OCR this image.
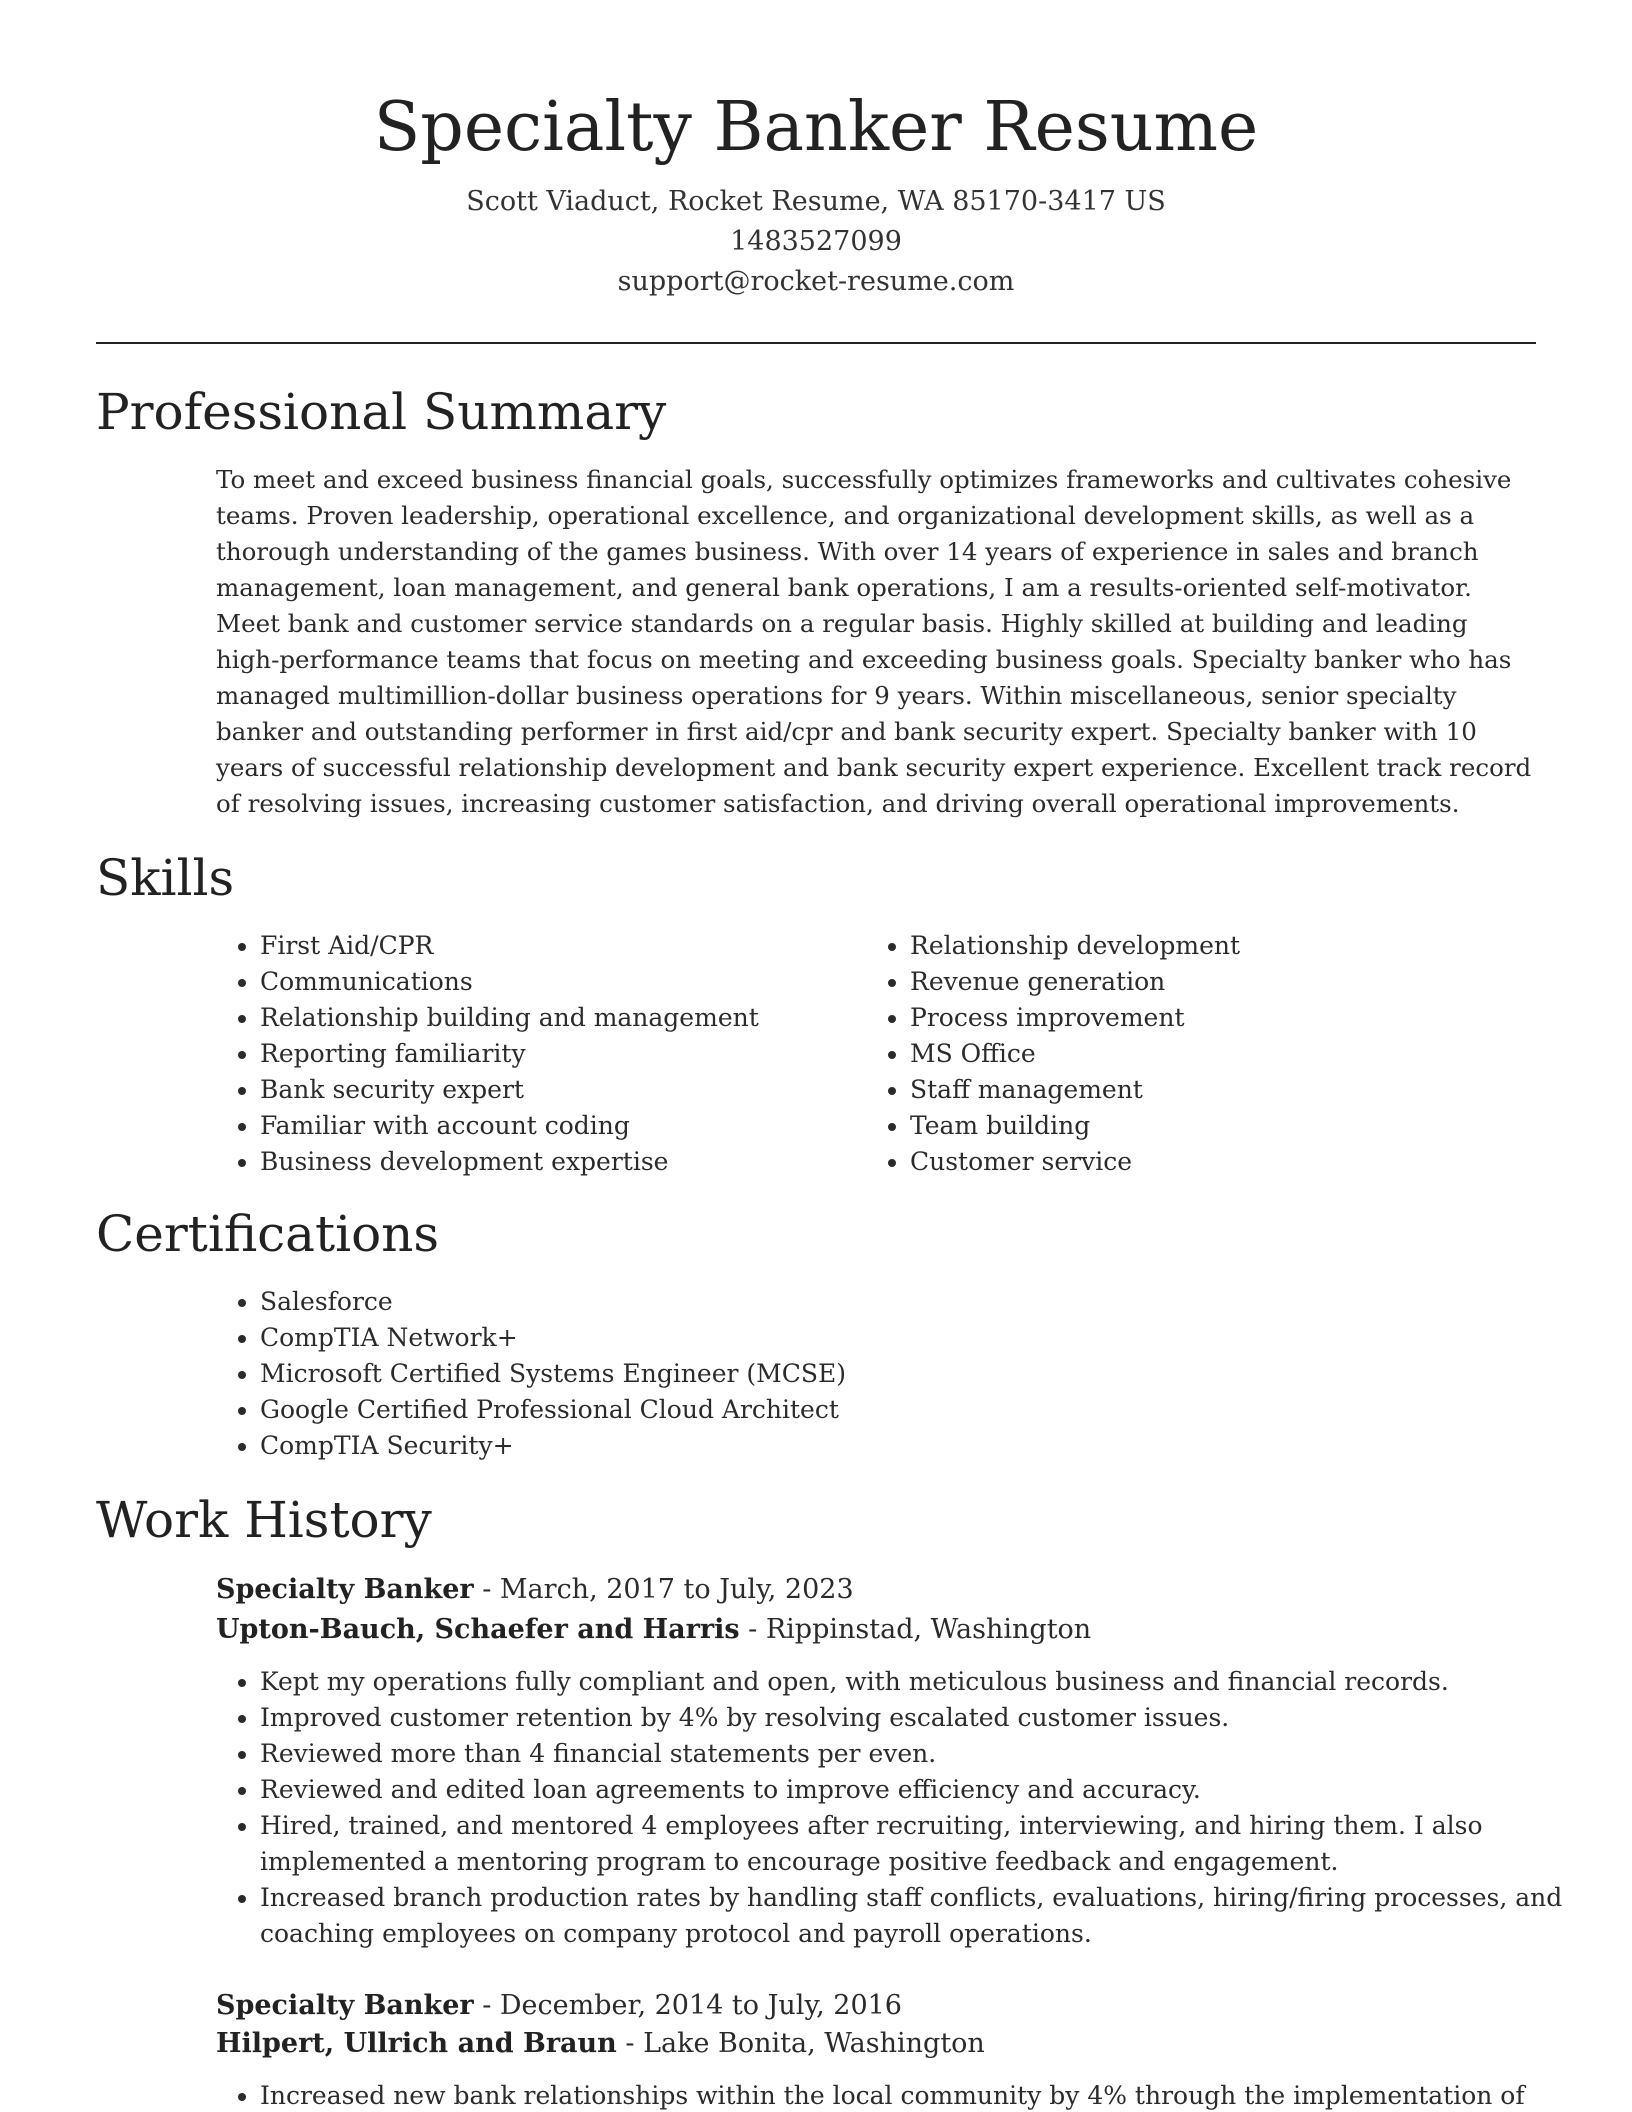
Specialty Banker Resume
Scott Viaduct, Rocket Resume, WA 85170-3417 US
1483527099
support@rocket-resume.com
Professional Summary

To meet and exceed business financial goals, successfully optimizes frameworks and cultivates cohesive teams. Proven leadership, operational excellence, and organizational development skills, as well as a thorough understanding of the games business. With over 14 years of experience in sales and branch management, loan management, and general bank operations, I am a results-oriented self-motivator. Meet bank and customer service standards on a regular basis. Highly skilled at building and leading high-performance teams that focus on meeting and exceeding business goals. Specialty banker who has managed multimillion-dollar business operations for 9 years. Within miscellaneous, senior specialty banker and outstanding performer in first aid/cpr and bank security expert. Specialty banker with 10 years of successful relationship development and bank security expert experience. Excellent track record of resolving issues, increasing customer satisfaction, and driving overall operational improvements.

Skills
• First Aid/CPR
• Communications
• Relationship building and management
• Reporting familiarity
• Bank security expert
• Familiar with account coding
• Business development expertise
• Relationship development
• Revenue generation
• Process improvement
• MS Office
• Staff management
• Team building
• Customer service
Certifications
• Salesforce
• CompTIA Network+
• Microsoft Certified Systems Engineer (MCSE)
• Google Certified Professional Cloud Architect
• CompTIA Security+
Work History
Specialty Banker - March, 2017 to July, 2023
Upton-Bauch, Schaefer and Harris - Rippinstad, Washington
• Kept my operations fully compliant and open, with meticulous business and financial records.
• Improved customer retention by 4% by resolving escalated customer issues.
• Reviewed more than 4 financial statements per even.
• Reviewed and edited loan agreements to improve efficiency and accuracy.
• Hired, trained, and mentored 4 employees after recruiting, interviewing, and hiring them. I also implemented a mentoring program to encourage positive feedback and engagement.
• Increased branch production rates by handling staff conflicts, evaluations, hiring/firing processes, and coaching employees on company protocol and payroll operations.
Specialty Banker - December, 2014 to July, 2016
Hilpert, Ullrich and Braun - Lake Bonita, Washington
• Increased new bank relationships within the local community by 4% through the implementation of
